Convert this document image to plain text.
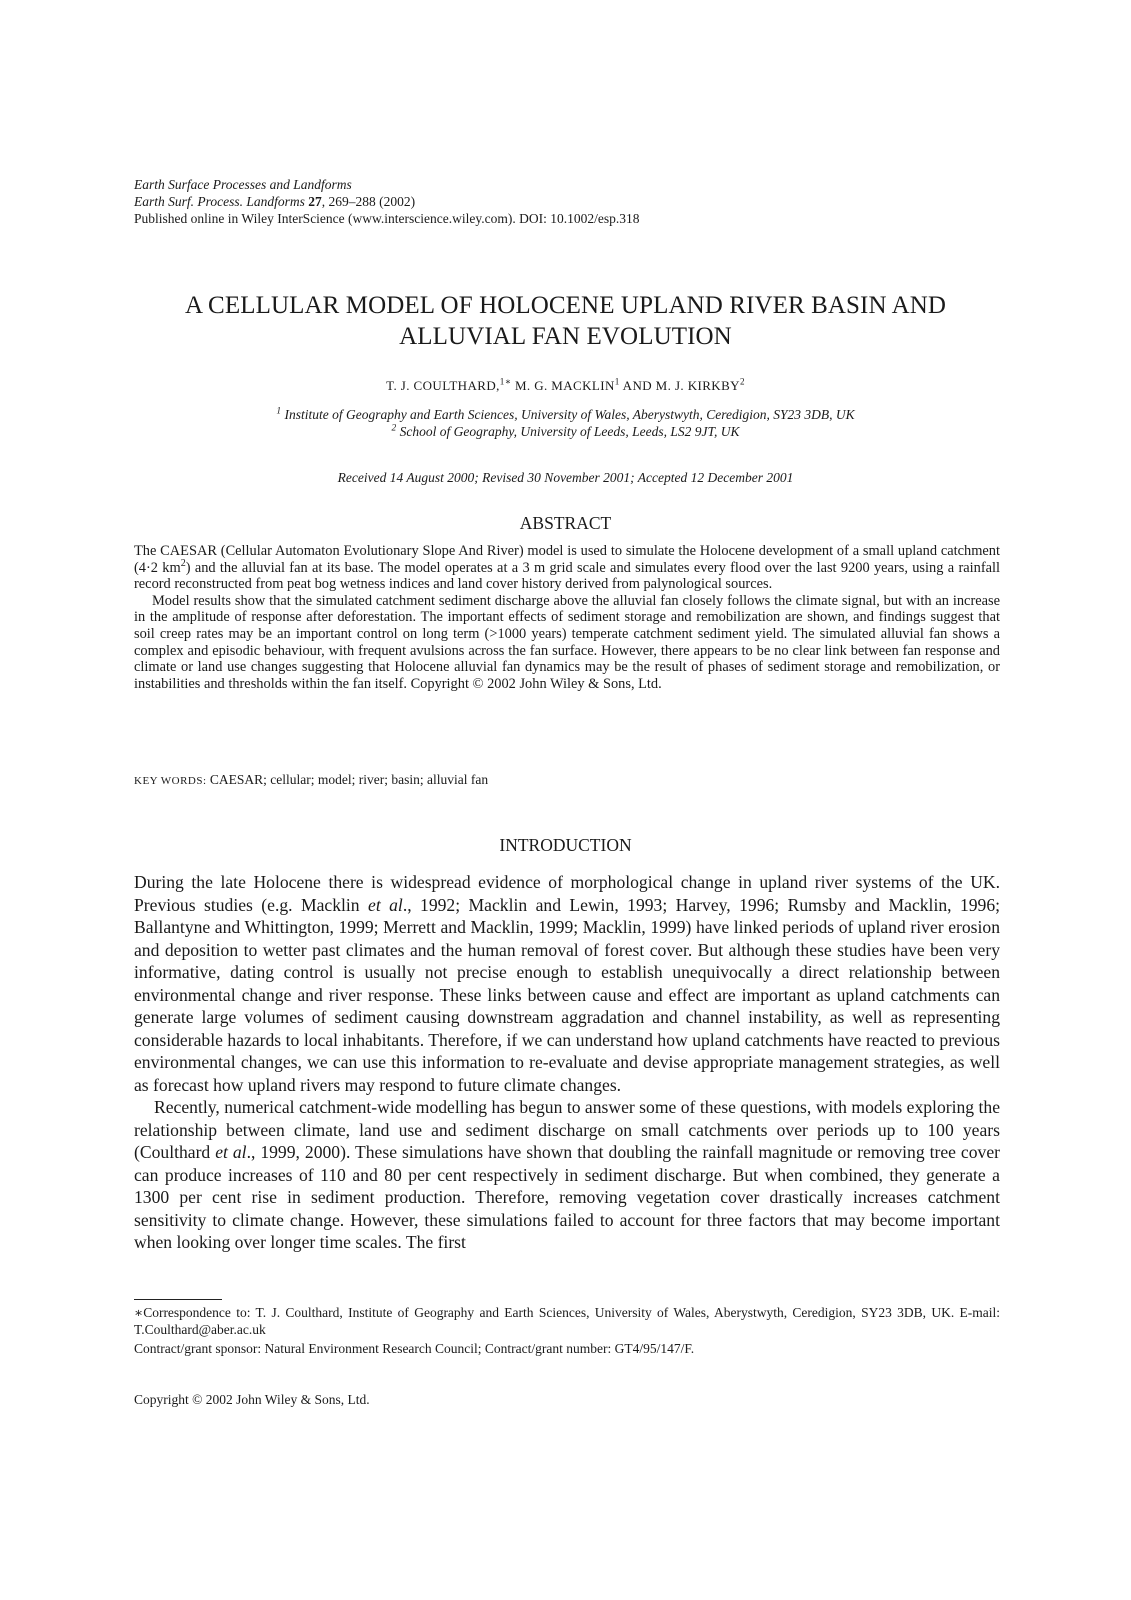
Earth Surface Processes and Landforms
Earth Surf. Process. Landforms 27, 269–288 (2002)
Published online in Wiley InterScience (www.interscience.wiley.com). DOI: 10.1002/esp.318
A CELLULAR MODEL OF HOLOCENE UPLAND RIVER BASIN AND
ALLUVIAL FAN EVOLUTION
T. J. COULTHARD,$^{1∗}$ M. G. MACKLIN$^1$ AND M. J. KIRKBY$^2$
$^1$ Institute of Geography and Earth Sciences, University of Wales, Aberystwyth, Ceredigion, SY23 3DB, UK
$^2$ School of Geography, University of Leeds, Leeds, LS2 9JT, UK
Received 14 August 2000; Revised 30 November 2001; Accepted 12 December 2001
ABSTRACT

The CAESAR (Cellular Automaton Evolutionary Slope And River) model is used to simulate the Holocene development of a small upland catchment (4·2 $km^2$) and the alluvial fan at its base. The model operates at a 3 m grid scale and simulates every flood over the last 9200 years, using a rainfall record reconstructed from peat bog wetness indices and land cover history derived from palynological sources.

Model results show that the simulated catchment sediment discharge above the alluvial fan closely follows the climate signal, but with an increase in the amplitude of response after deforestation. The important effects of sediment storage and remobilization are shown, and findings suggest that soil creep rates may be an important control on long term (>1000 years) temperate catchment sediment yield. The simulated alluvial fan shows a complex and episodic behaviour, with frequent avulsions across the fan surface. However, there appears to be no clear link between fan response and climate or land use changes suggesting that Holocene alluvial fan dynamics may be the result of phases of sediment storage and remobilization, or instabilities and thresholds within the fan itself. Copyright © 2002 John Wiley & Sons, Ltd.

KEY WORDS: CAESAR; cellular; model; river; basin; alluvial fan
INTRODUCTION

During the late Holocene there is widespread evidence of morphological change in upland river systems of the UK. Previous studies (e.g. Macklin et al., 1992; Macklin and Lewin, 1993; Harvey, 1996; Rumsby and Macklin, 1996; Ballantyne and Whittington, 1999; Merrett and Macklin, 1999; Macklin, 1999) have linked periods of upland river erosion and deposition to wetter past climates and the human removal of forest cover. But although these studies have been very informative, dating control is usually not precise enough to establish unequivocally a direct relationship between environmental change and river response. These links between cause and effect are important as upland catchments can generate large volumes of sediment causing downstream aggradation and channel instability, as well as representing considerable hazards to local inhabitants. Therefore, if we can understand how upland catchments have reacted to previous environmental changes, we can use this information to re-evaluate and devise appropriate management strategies, as well as forecast how upland rivers may respond to future climate changes.

Recently, numerical catchment-wide modelling has begun to answer some of these questions, with models exploring the relationship between climate, land use and sediment discharge on small catchments over periods up to 100 years (Coulthard et al., 1999, 2000). These simulations have shown that doubling the rainfall magnitude or removing tree cover can produce increases of 110 and 80 per cent respectively in sediment discharge. But when combined, they generate a 1300 per cent rise in sediment production. Therefore, removing vegetation cover drastically increases catchment sensitivity to climate change. However, these simulations failed to account for three factors that may become important when looking over longer time scales. The first

∗Correspondence to: T. J. Coulthard, Institute of Geography and Earth Sciences, University of Wales, Aberystwyth, Ceredigion, SY23 3DB, UK. E-mail: T.Coulthard@aber.ac.uk

Contract/grant sponsor: Natural Environment Research Council; Contract/grant number: GT4/95/147/F.

Copyright © 2002 John Wiley & Sons, Ltd.
